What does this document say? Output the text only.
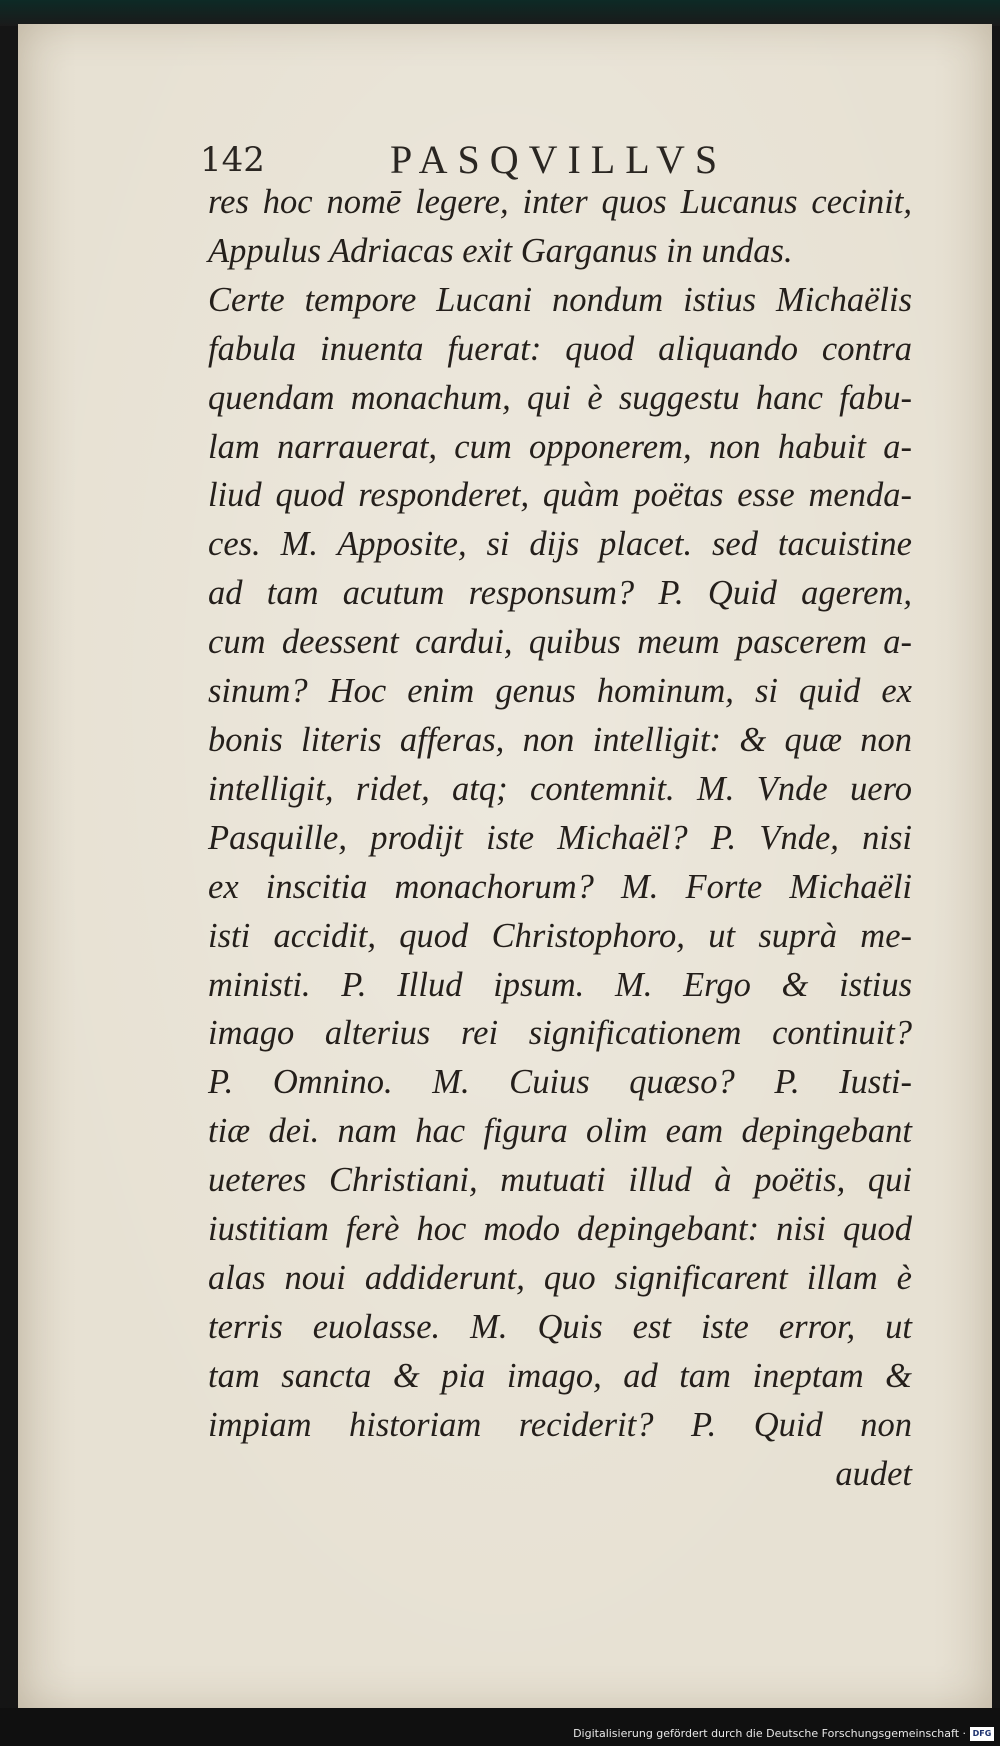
142	PASQVILLVS
res hoc nomē legere, inter quos Lucanus cecinit,
Appulus Adriacas exit Garganus in undas.
Certe tempore Lucani nondum istius Michaëlis
fabula inuenta fuerat: quod aliquando contra
quendam monachum, qui è suggestu hanc fabu-
lam narrauerat, cum opponerem, non habuit a-
liud quod responderet, quàm poëtas esse menda-
ces. M. Apposite, si dijs placet. sed tacuistine
ad tam acutum responsum? P. Quid agerem,
cum deessent cardui, quibus meum pascerem a-
sinum? Hoc enim genus hominum, si quid ex
bonis literis afferas, non intelligit: & quæ non
intelligit, ridet, atq; contemnit. M. Vnde uero
Pasquille, prodijt iste Michaël? P. Vnde, nisi
ex inscitia monachorum? M. Forte Michaëli
isti accidit, quod Christophoro, ut suprà me-
ministi. P. Illud ipsum. M. Ergo & istius
imago alterius rei significationem continuit?
P. Omnino. M. Cuius quæso? P. Iusti-
tiæ dei. nam hac figura olim eam depingebant
ueteres Christiani, mutuati illud à poëtis, qui
iustitiam ferè hoc modo depingebant: nisi quod
alas noui addiderunt, quo significarent illam è
terris euolasse. M. Quis est iste error, ut
tam sancta & pia imago, ad tam ineptam &
impiam historiam reciderit? P. Quid non
audet
Digitalisierung gefördert durch die Deutsche Forschungsgemeinschaft · DFG
